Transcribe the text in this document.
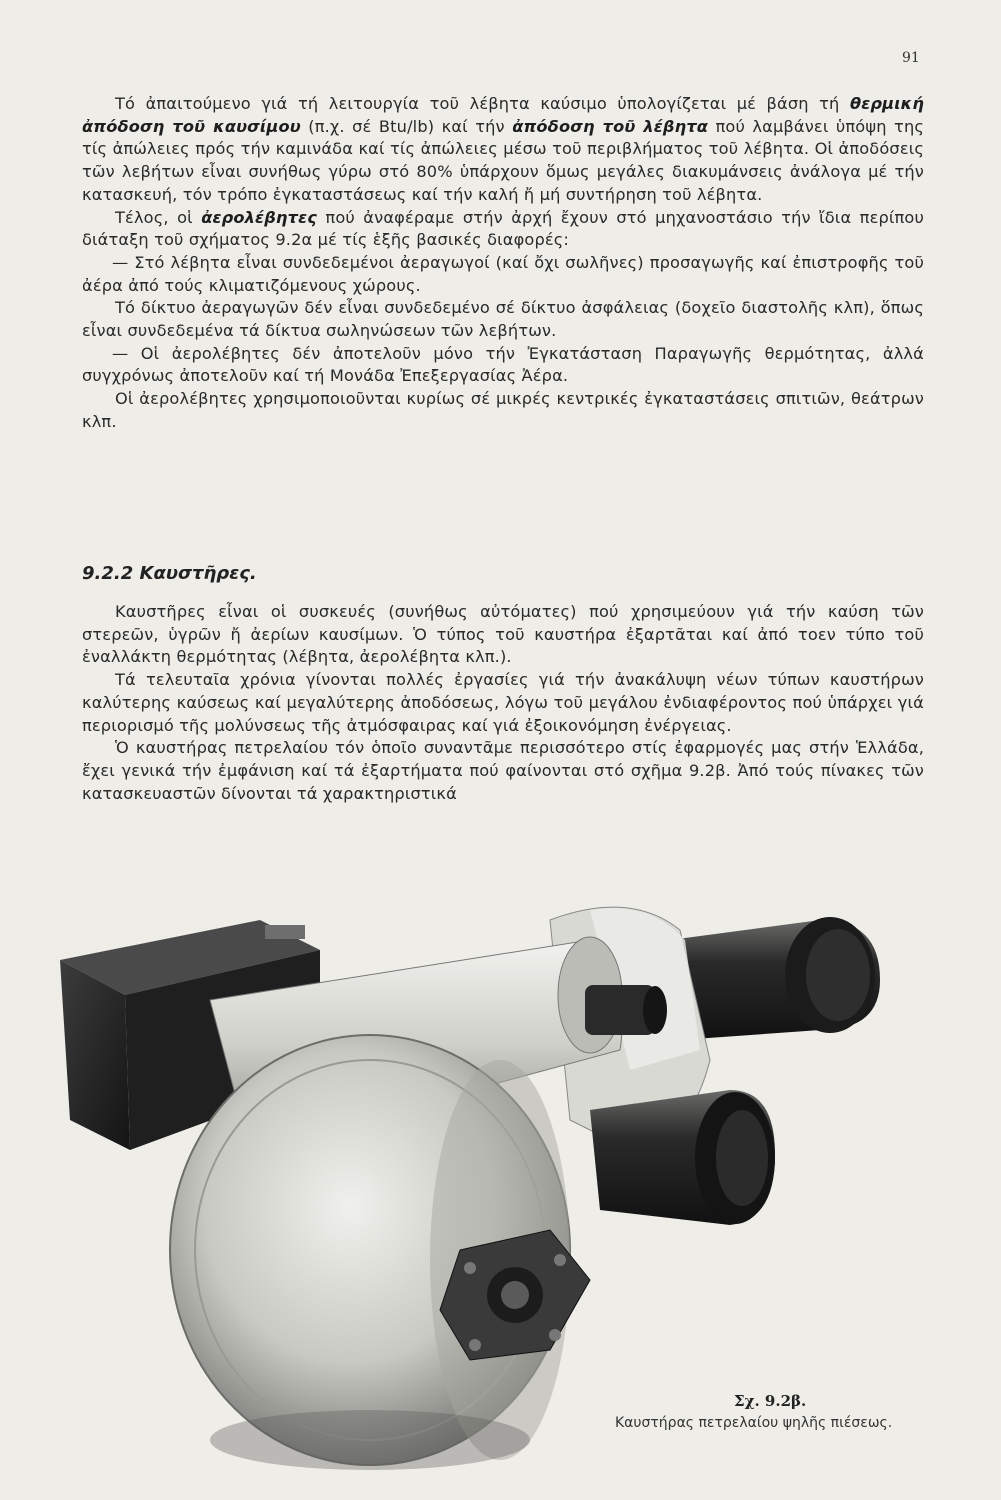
91

Τό ἀπαιτούμενο γιά τή λειτουργία τοῦ λέβητα καύσιμο ὑπολογίζεται μέ βάση τή θερμική ἀπόδοση τοῦ καυσίμου (π.χ. σέ Btu/lb) καί τήν ἀπόδοση τοῦ λέβητα πού λαμβάνει ὑπόψη της τίς ἀπώλειες πρός τήν καμινάδα καί τίς ἀπώλειες μέσω τοῦ περιβλήματος τοῦ λέβητα. Οἱ ἀποδόσεις τῶν λεβήτων εἶναι συνήθως γύρω στό 80% ὑπάρχουν ὅμως μεγάλες διακυμάνσεις ἀνάλογα μέ τήν κατασκευή, τόν τρόπο ἐγκαταστάσεως καί τήν καλή ἤ μή συντήρηση τοῦ λέβητα.

Τέλος, οἱ ἀερολέβητες πού ἀναφέραμε στήν ἀρχή ἔχουν στό μηχανοστάσιο τήν ἴδια περίπου διάταξη τοῦ σχήματος 9.2α μέ τίς ἑξῆς βασικές διαφορές:

— Στό λέβητα εἶναι συνδεδεμένοι ἀεραγωγοί (καί ὄχι σωλῆνες) προσαγωγῆς καί ἐπιστροφῆς τοῦ ἀέρα ἀπό τούς κλιματιζόμενους χώρους.

Τό δίκτυο ἀεραγωγῶν δέν εἶναι συνδεδεμένο σέ δίκτυο ἀσφάλειας (δοχεῖο διαστολῆς κλπ), ὅπως εἶναι συνδεδεμένα τά δίκτυα σωληνώσεων τῶν λεβήτων.

— Οἱ ἀερολέβητες δέν ἀποτελοῦν μόνο τήν Ἐγκατάσταση Παραγωγῆς θερμότητας, ἀλλά συγχρόνως ἀποτελοῦν καί τή Μονάδα Ἐπεξεργασίας Ἀέρα.

Οἱ ἀερολέβητες χρησιμοποιοῦνται κυρίως σέ μικρές κεντρικές ἐγκαταστάσεις σπιτιῶν, θεάτρων κλπ.

9.2.2 Καυστῆρες.

Καυστῆρες εἶναι οἱ συσκευές (συνήθως αὐτόματες) πού χρησιμεύουν γιά τήν καύση τῶν στερεῶν, ὑγρῶν ἤ ἀερίων καυσίμων. Ὁ τύπος τοῦ καυστήρα ἐξαρτᾶται καί ἀπό τοεν τύπο τοῦ ἐναλλάκτη θερμότητας (λέβητα, ἀερολέβητα κλπ.).

Τά τελευταῖα χρόνια γίνονται πολλές ἐργασίες γιά τήν ἀνακάλυψη νέων τύπων καυστήρων καλύτερης καύσεως καί μεγαλύτερης ἀποδόσεως, λόγω τοῦ μεγάλου ἐνδιαφέροντος πού ὑπάρχει γιά περιορισμό τῆς μολύνσεως τῆς ἀτμόσφαιρας καί γιά ἐξοικονόμηση ἐνέργειας.

Ὁ καυστήρας πετρελαίου τόν ὁποῖο συναντᾶμε περισσότερο στίς ἐφαρμογές μας στήν Ἑλλάδα, ἔχει γενικά τήν ἐμφάνιση καί τά ἐξαρτήματα πού φαίνονται στό σχῆμα 9.2β. Ἀπό τούς πίνακες τῶν κατασκευαστῶν δίνονται τά χαρακτηριστικά

Σχ. 9.2β.
Καυστήρας πετρελαίου ψηλῆς πιέσεως.
